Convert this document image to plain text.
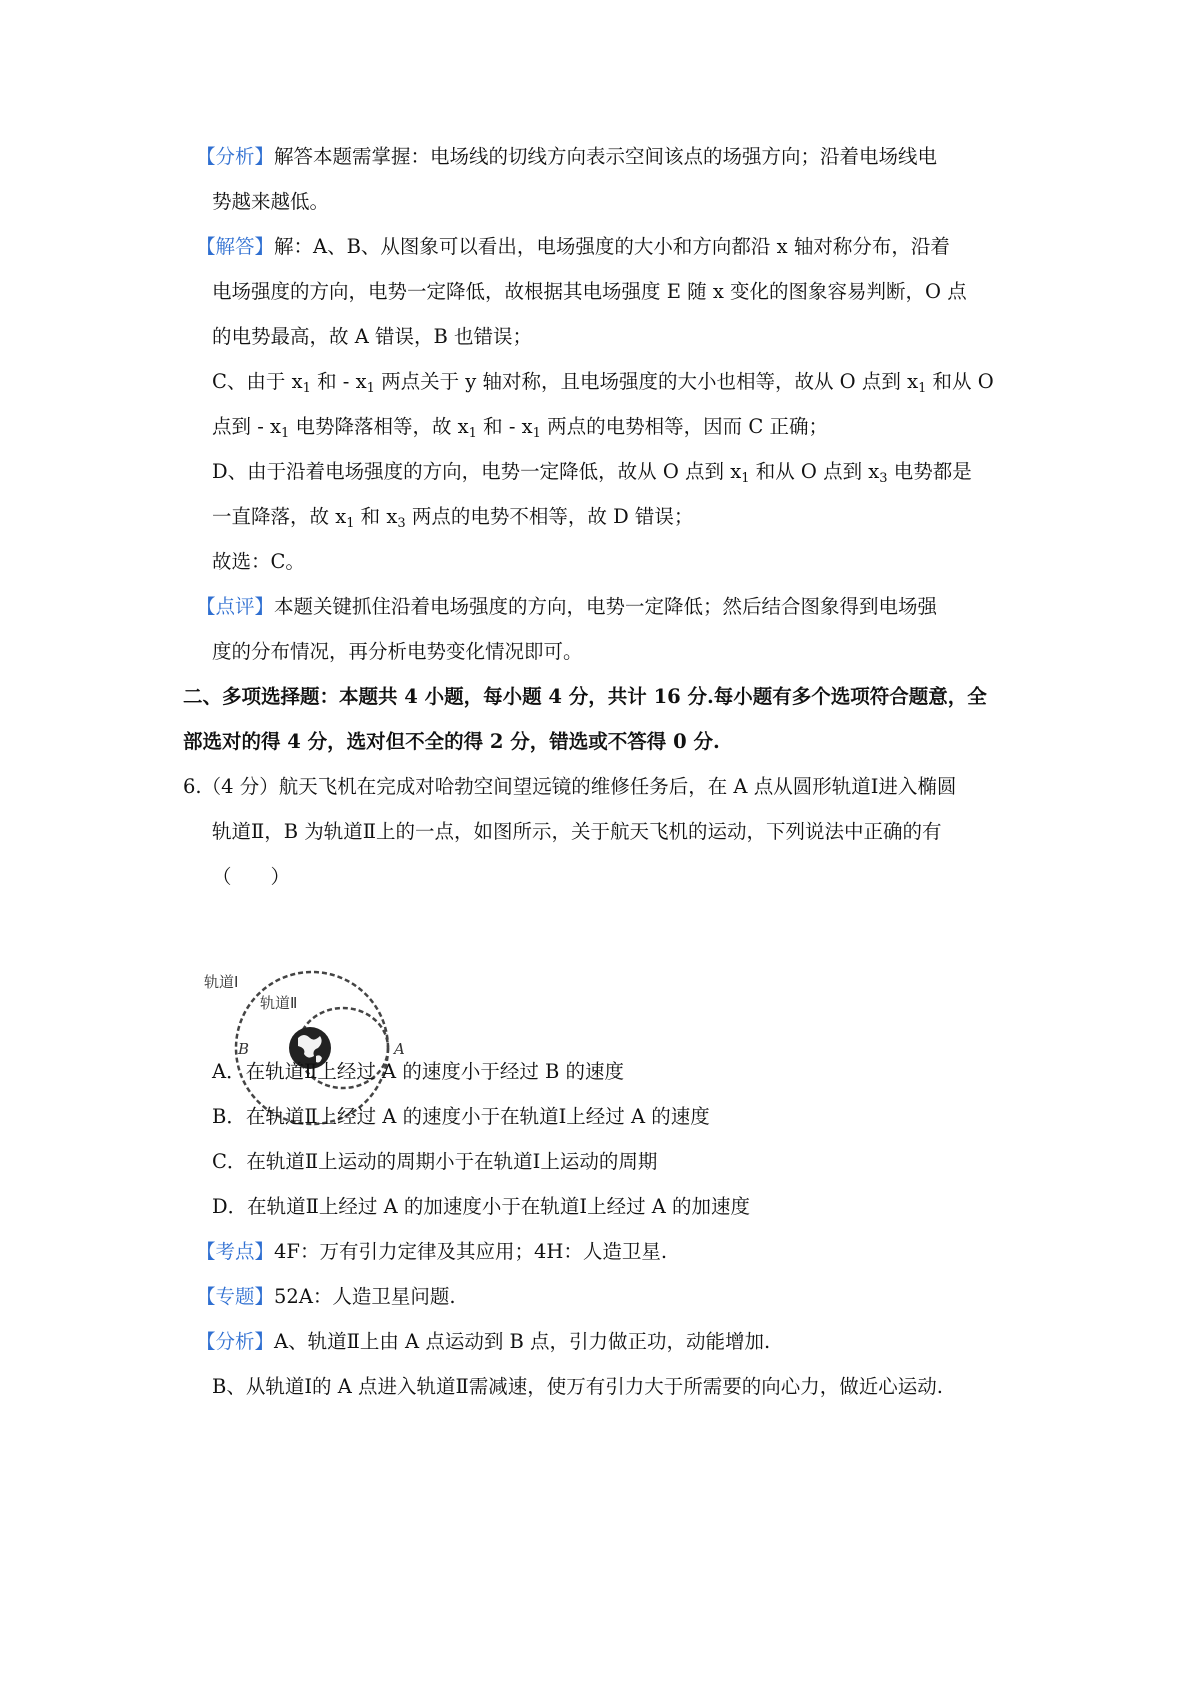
【分析】解答本题需掌握：电场线的切线方向表示空间该点的场强方向；沿着电场线电
势越来越低。
【解答】解：A、B、从图象可以看出，电场强度的大小和方向都沿 x 轴对称分布，沿着
电场强度的方向，电势一定降低，故根据其电场强度 E 随 x 变化的图象容易判断，O 点
的电势最高，故 A 错误，B 也错误；
C、由于 $x_1$ 和 - $x_1$ 两点关于 y 轴对称，且电场强度的大小也相等，故从 O 点到 $x_1$ 和从 O
点到 - $x_1$ 电势降落相等，故 $x_1$ 和 - $x_1$ 两点的电势相等，因而 C 正确；
D、由于沿着电场强度的方向，电势一定降低，故从 O 点到 $x_1$ 和从 O 点到 $x_3$ 电势都是
一直降落，故 $x_1$ 和 $x_3$ 两点的电势不相等，故 D 错误；
故选：C。
【点评】本题关键抓住沿着电场强度的方向，电势一定降低；然后结合图象得到电场强
度的分布情况，再分析电势变化情况即可。
二、多项选择题：本题共 4 小题，每小题 4 分，共计 16 分.每小题有多个选项符合题意，全
部选对的得 4 分，选对但不全的得 2 分，错选或不答得 0 分.
6.（4 分）航天飞机在完成对哈勃空间望远镜的维修任务后，在 A 点从圆形轨道Ⅰ进入椭圆
轨道Ⅱ，B 为轨道Ⅱ上的一点，如图所示，关于航天飞机的运动，下列说法中正确的有
（　　）
轨道Ⅰ
轨道Ⅱ
B	A
A．在轨道Ⅱ上经过 A 的速度小于经过 B 的速度
B．在轨道Ⅱ上经过 A 的速度小于在轨道Ⅰ上经过 A 的速度
C．在轨道Ⅱ上运动的周期小于在轨道Ⅰ上运动的周期
D．在轨道Ⅱ上经过 A 的加速度小于在轨道Ⅰ上经过 A 的加速度
【考点】4F：万有引力定律及其应用；4H：人造卫星.
【专题】52A：人造卫星问题.
【分析】A、轨道Ⅱ上由 A 点运动到 B 点，引力做正功，动能增加.
B、从轨道Ⅰ的 A 点进入轨道Ⅱ需减速，使万有引力大于所需要的向心力，做近心运动.
